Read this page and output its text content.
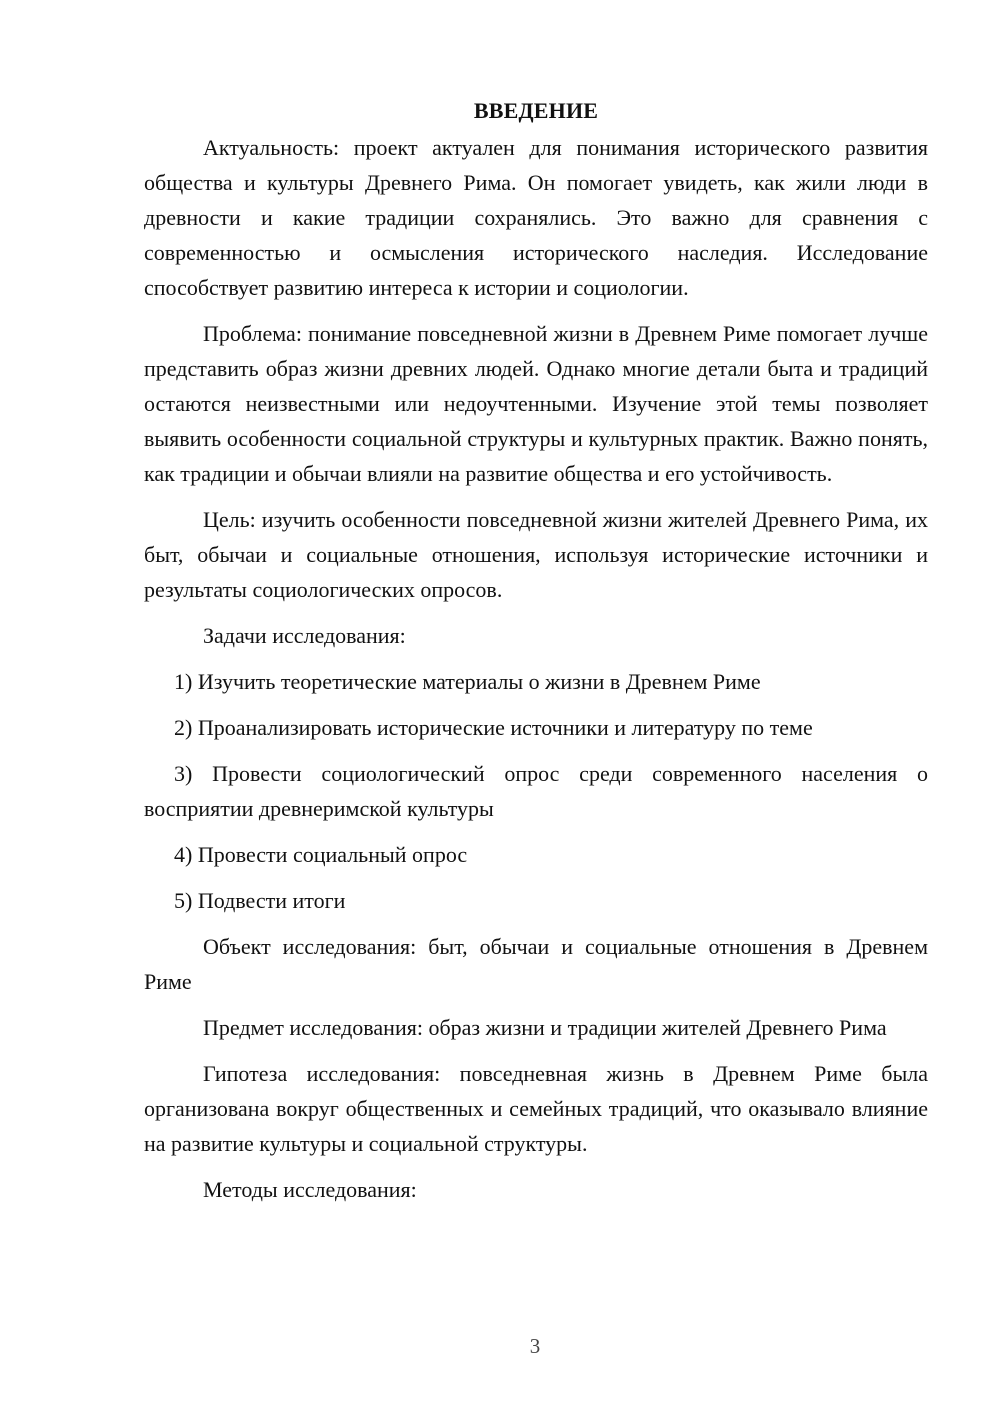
ВВЕДЕНИЕ

Актуальность: проект актуален для понимания исторического развития общества и культуры Древнего Рима. Он помогает увидеть, как жили люди в древности и какие традиции сохранялись. Это важно для сравнения с современностью и осмысления исторического наследия. Исследование способствует развитию интереса к истории и социологии.

Проблема: понимание повседневной жизни в Древнем Риме помогает лучше представить образ жизни древних людей. Однако многие детали быта и традиций остаются неизвестными или недоучтенными. Изучение этой темы позволяет выявить особенности социальной структуры и культурных практик. Важно понять, как традиции и обычаи влияли на развитие общества и его устойчивость.

Цель: изучить особенности повседневной жизни жителей Древнего Рима, их быт, обычаи и социальные отношения, используя исторические источники и результаты социологических опросов.

Задачи исследования:

1) Изучить теоретические материалы о жизни в Древнем Риме

2) Проанализировать исторические источники и литературу по теме

3) Провести социологический опрос среди современного населения о восприятии древнеримской культуры

4) Провести социальный опрос

5) Подвести итоги

Объект исследования: быт, обычаи и социальные отношения в Древнем Риме

Предмет исследования: образ жизни и традиции жителей Древнего Рима

Гипотеза исследования: повседневная жизнь в Древнем Риме была организована вокруг общественных и семейных традиций, что оказывало влияние на развитие культуры и социальной структуры.

Методы исследования:

3
